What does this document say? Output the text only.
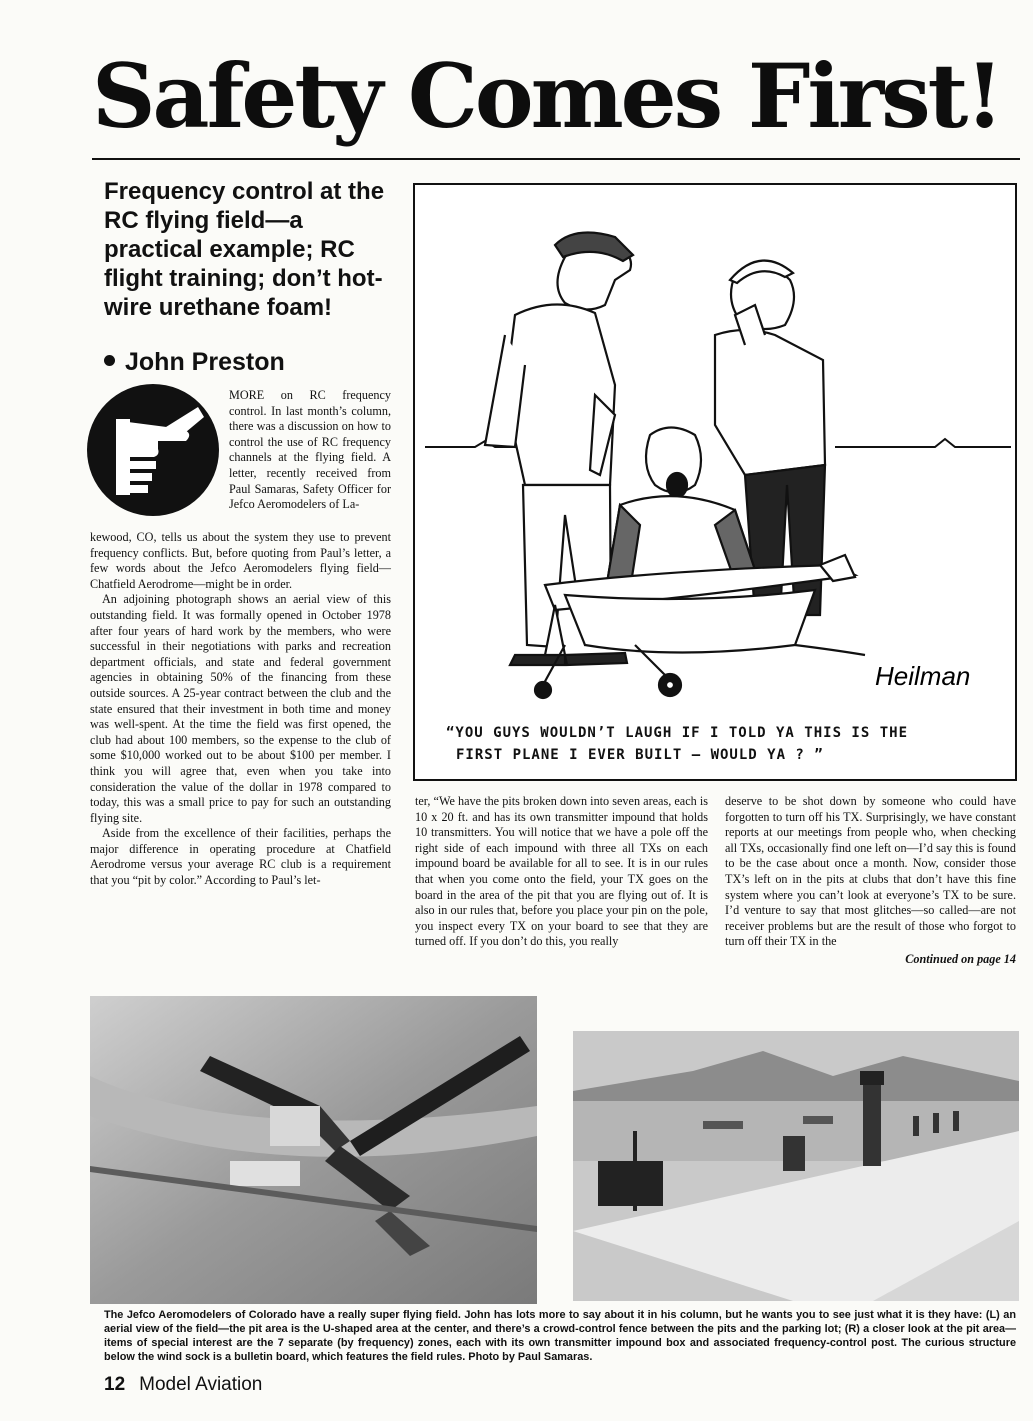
Safety Comes First!
Frequency control at the RC flying field—a practical example; RC flight training; don’t hot-wire urethane foam!
John Preston

MORE on RC frequency control. In last month’s column, there was a discussion on how to control the use of RC frequency channels at the flying field. A letter, recently received from Paul Samaras, Safety Officer for Jefco Aeromodelers of La-

kewood, CO, tells us about the system they use to prevent frequency conflicts. But, before quoting from Paul’s letter, a few words about the Jefco Aeromodelers flying field—Chatfield Aerodrome—might be in order.

An adjoining photograph shows an aerial view of this outstanding field. It was formally opened in October 1978 after four years of hard work by the members, who were successful in their negotiations with parks and recreation department officials, and state and federal government agencies in obtaining 50% of the financing from these outside sources. A 25-year contract between the club and the state ensured that their investment in both time and money was well-spent. At the time the field was first opened, the club had about 100 members, so the expense to the club of some $10,000 worked out to be about $100 per member. I think you will agree that, even when you take into consideration the value of the dollar in 1978 compared to today, this was a small price to pay for such an outstanding flying site.

Aside from the excellence of their facilities, perhaps the major difference in operating procedure at Chatfield Aerodrome versus your average RC club is a requirement that you “pit by color.” According to Paul’s let-

Heilman
“YOU GUYS WOULDN’T LAUGH IF I TOLD YA THIS IS THE
FIRST PLANE I EVER BUILT — WOULD YA ? ”

ter, “We have the pits broken down into seven areas, each is 10 x 20 ft. and has its own transmitter impound that holds 10 transmitters. You will notice that we have a pole off the right side of each impound with three all TXs on each impound board be available for all to see. It is in our rules that when you come onto the field, your TX goes on the board in the area of the pit that you are flying out of. It is also in our rules that, before you place your pin on the pole, you inspect every TX on your board to see that they are turned off. If you don’t do this, you really

deserve to be shot down by someone who could have forgotten to turn off his TX. Surprisingly, we have constant reports at our meetings from people who, when checking all TXs, occasionally find one left on—I’d say this is found to be the case about once a month. Now, consider those TX’s left on in the pits at clubs that don’t have this fine system where you can’t look at everyone’s TX to be sure. I’d venture to say that most glitches—so called—are not receiver problems but are the result of those who forgot to turn off their TX in the

Continued on page 14
The Jefco Aeromodelers of Colorado have a really super flying field. John has lots more to say about it in his column, but he wants you to see just what it is they have: (L) an aerial view of the field—the pit area is the U-shaped area at the center, and there’s a crowd-control fence between the pits and the parking lot; (R) a closer look at the pit area—items of special interest are the 7 separate (by frequency) zones, each with its own transmitter impound box and associated frequency-control post. The curious structure below the wind sock is a bulletin board, which features the field rules. Photo by Paul Samaras.
12 Model Aviation
